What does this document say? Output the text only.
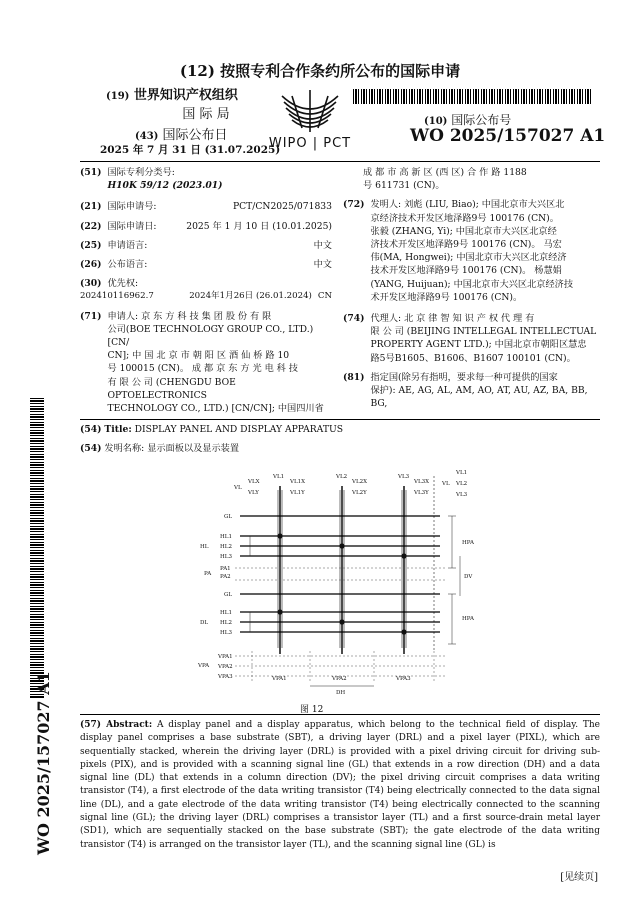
(12) 按照专利合作条约所公布的国际申请
(19) 世界知识产权组织
国 际 局
(43) 国际公布日
2025 年 7 月 31 日 (31.07.2025)
WIPO | PCT
(10) 国际公布号
WO 2025/157027 A1
(51) 国际专利分类号:
H10K 59/12 (2023.01)
(21) 国际申请号:	PCT/CN2025/071833
(22) 国际申请日:	2025 年 1 月 10 日 (10.01.2025)
(25) 申请语言:	中文
(26) 公布语言:	中文
(30) 优先权:
202410116962.7	2024年1月26日 (26.01.2024) CN
(71) 申请人: 京 东 方 科 技 集 团 股 份 有 限
公司(BOE TECHNOLOGY GROUP CO., LTD.) [CN/
CN]; 中 国 北 京 市 朝 阳 区 酒 仙 桥 路 10
号 100015 (CN)。 成 都 京 东 方 光 电 科 技
有 限 公 司 (CHENGDU BOE OPTOELECTRONICS
TECHNOLOGY CO., LTD.) [CN/CN]; 中国四川省
成 都 市 高 新 区 (西 区) 合 作 路 1188
号 611731 (CN)。
(72) 发明人: 刘彪 (LIU, Biao); 中国北京市大兴区北
京经济技术开发区地泽路9号 100176 (CN)。
张毅 (ZHANG, Yi); 中国北京市大兴区北京经
济技术开发区地泽路9号 100176 (CN)。 马宏
伟(MA, Hongwei); 中国北京市大兴区北京经济
技术开发区地泽路9号 100176 (CN)。 杨慧娟
(YANG, Huijuan); 中国北京市大兴区北京经济技
术开发区地泽路9号 100176 (CN)。
(74) 代理人: 北 京 律 智 知 识 产 权 代 理 有
限 公 司 (BEIJING INTELLEGAL INTELLECTUAL
PROPERTY AGENT LTD.); 中国北京市朝阳区慧忠
路5号B1605、B1606、B1607 100101 (CN)。
(81) 指定国(除另有指明，要求每一种可提供的国家
保护): AE, AG, AL, AM, AO, AT, AU, AZ, BA, BB, BG,
(54) Title: DISPLAY PANEL AND DISPLAY APPARATUS
(54) 发明名称: 显示面板以及显示装置
VL
VLX
VLY
VL1
VL1X
VL1Y
VL2
VL2X
VL2Y
VL3
VL3X
VL3Y
VL1
VL VL2
VL3
GL
HL
HL1
HL2
HL3
HPA
PA
PA1
PA2	DV
GL
DL
HL1
HL2
HL3
HPA
VPA
VPA1
VPA2
VPA3	VPA1	VPA2	VPA3
DH
图 12
(57) Abstract: A display panel and a display apparatus, which belong to the technical field of display. The display panel comprises a base substrate (SBT), a driving layer (DRL) and a pixel layer (PIXL), which are sequentially stacked, wherein the driving layer (DRL) is provided with a pixel driving circuit for driving sub-pixels (PIX), and is provided with a scanning signal line (GL) that extends in a row direction (DH) and a data signal line (DL) that extends in a column direction (DV); the pixel driving circuit comprises a data writing transistor (T4), a first electrode of the data writing transistor (T4) being electrically connected to the data signal line (DL), and a gate electrode of the data writing transistor (T4) being electrically connected to the scanning signal line (GL); the driving layer (DRL) comprises a transistor layer (TL) and a first source-drain metal layer (SD1), which are sequentially stacked on the base substrate (SBT); the gate electrode of the data writing transistor (T4) is arranged on the transistor layer (TL), and the scanning signal line (GL) is
[见续页]
WO 2025/157027 A1
